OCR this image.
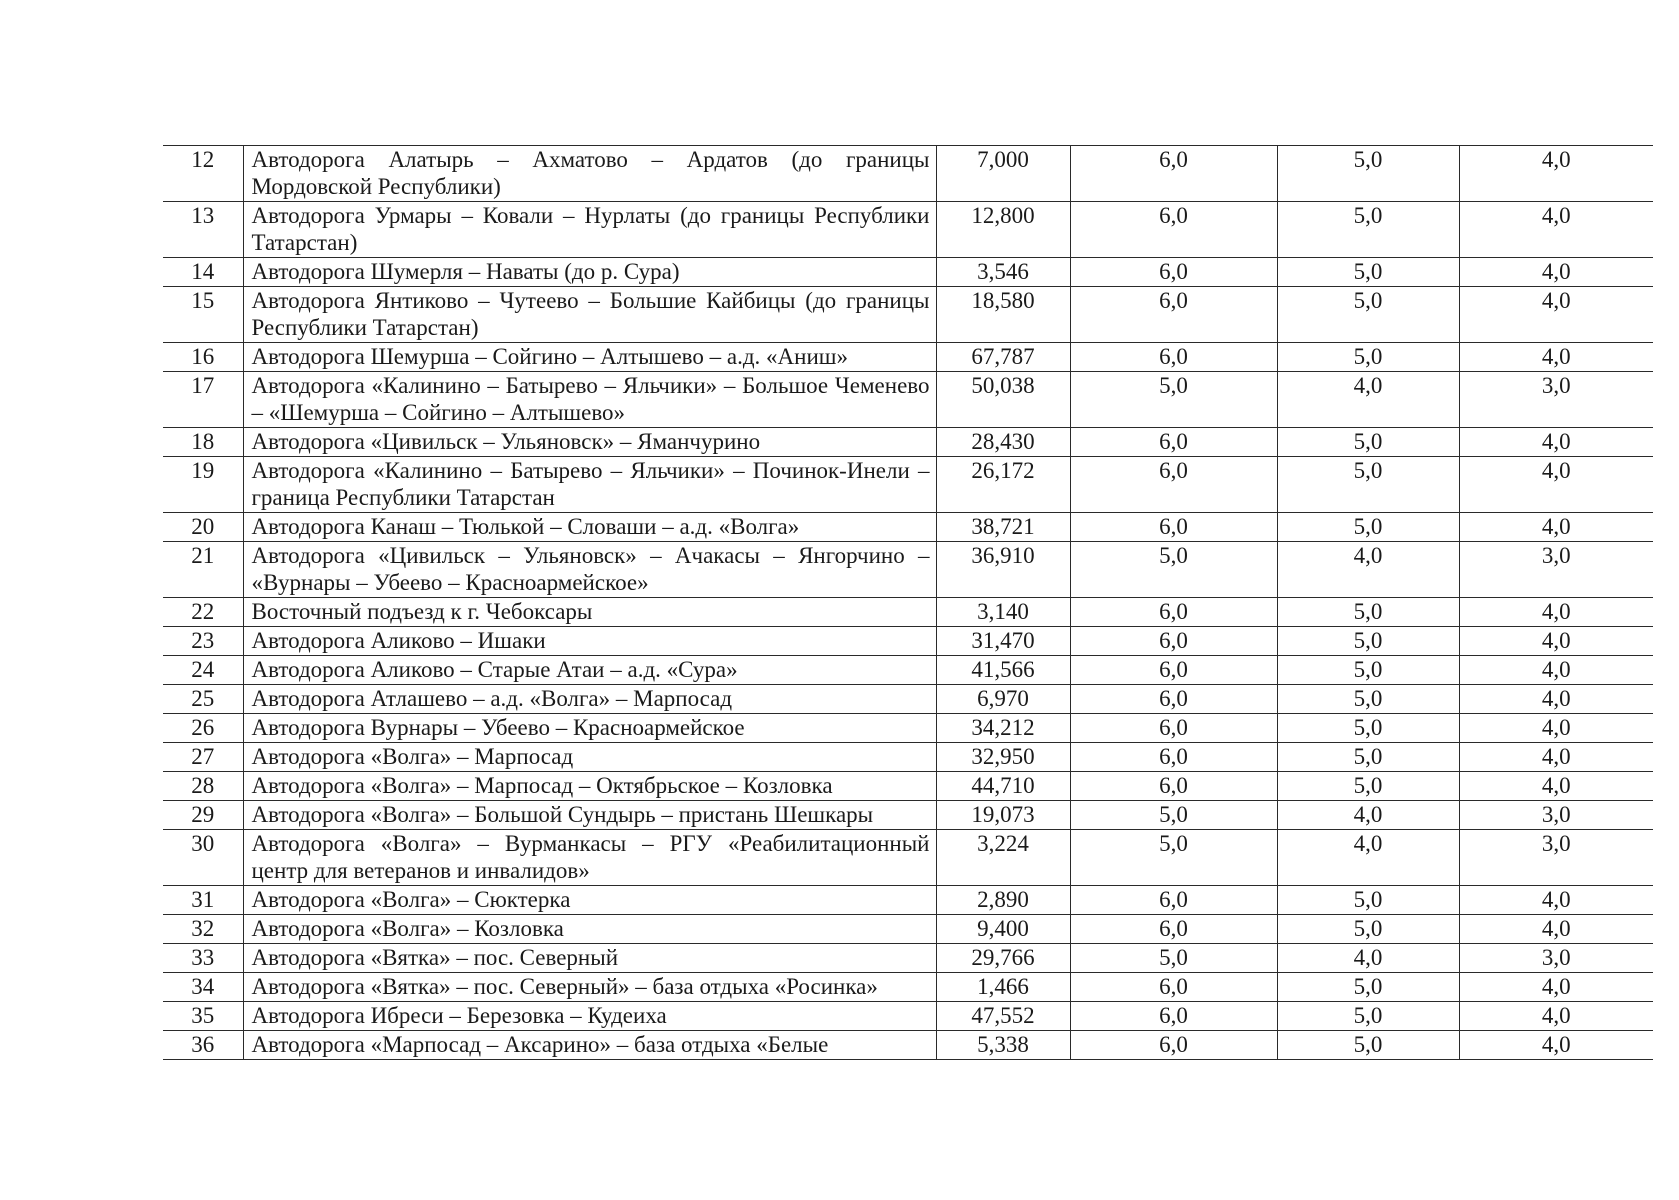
12	Автодорога Алатырь – Ахматово – Ардатов (до границы Мордовской Республики)	7,000	6,0	5,0	4,0
13	Автодорога Урмары – Ковали – Нурлаты (до границы Республики Татарстан)	12,800	6,0	5,0	4,0
14	Автодорога Шумерля – Наваты (до р. Сура)	3,546	6,0	5,0	4,0
15	Автодорога Янтиково – Чутеево – Большие Кайбицы (до границы Республики Татарстан)	18,580	6,0	5,0	4,0
16	Автодорога Шемурша – Сойгино – Алтышево – а.д. «Аниш»	67,787	6,0	5,0	4,0
17	Автодорога «Калинино – Батырево – Яльчики» – Большое Чеменево – «Шемурша – Сойгино – Алтышево»	50,038	5,0	4,0	3,0
18	Автодорога «Цивильск – Ульяновск» – Яманчурино	28,430	6,0	5,0	4,0
19	Автодорога «Калинино – Батырево – Яльчики» – Починок-Инели – граница Республики Татарстан	26,172	6,0	5,0	4,0
20	Автодорога Канаш – Тюлькой – Словаши – а.д. «Волга»	38,721	6,0	5,0	4,0
21	Автодорога «Цивильск – Ульяновск» – Ачакасы – Янгорчино – «Вурнары – Убеево – Красноармейское»	36,910	5,0	4,0	3,0
22	Восточный подъезд к г. Чебоксары	3,140	6,0	5,0	4,0
23	Автодорога Аликово – Ишаки	31,470	6,0	5,0	4,0
24	Автодорога Аликово – Старые Атаи – а.д. «Сура»	41,566	6,0	5,0	4,0
25	Автодорога Атлашево – а.д. «Волга» – Марпосад	6,970	6,0	5,0	4,0
26	Автодорога Вурнары – Убеево – Красноармейское	34,212	6,0	5,0	4,0
27	Автодорога «Волга» – Марпосад	32,950	6,0	5,0	4,0
28	Автодорога «Волга» – Марпосад – Октябрьское – Козловка	44,710	6,0	5,0	4,0
29	Автодорога «Волга» – Большой Сундырь – пристань Шешкары	19,073	5,0	4,0	3,0
30	Автодорога «Волга» – Вурманкасы – РГУ «Реабилитационный центр для ветеранов и инвалидов»	3,224	5,0	4,0	3,0
31	Автодорога «Волга» – Сюктерка	2,890	6,0	5,0	4,0
32	Автодорога «Волга» – Козловка	9,400	6,0	5,0	4,0
33	Автодорога «Вятка» – пос. Северный	29,766	5,0	4,0	3,0
34	Автодорога «Вятка» – пос. Северный» – база отдыха «Росинка»	1,466	6,0	5,0	4,0
35	Автодорога Ибреси – Березовка – Кудеиха	47,552	6,0	5,0	4,0
36	Автодорога «Марпосад – Аксарино» – база отдыха «Белые	5,338	6,0	5,0	4,0
